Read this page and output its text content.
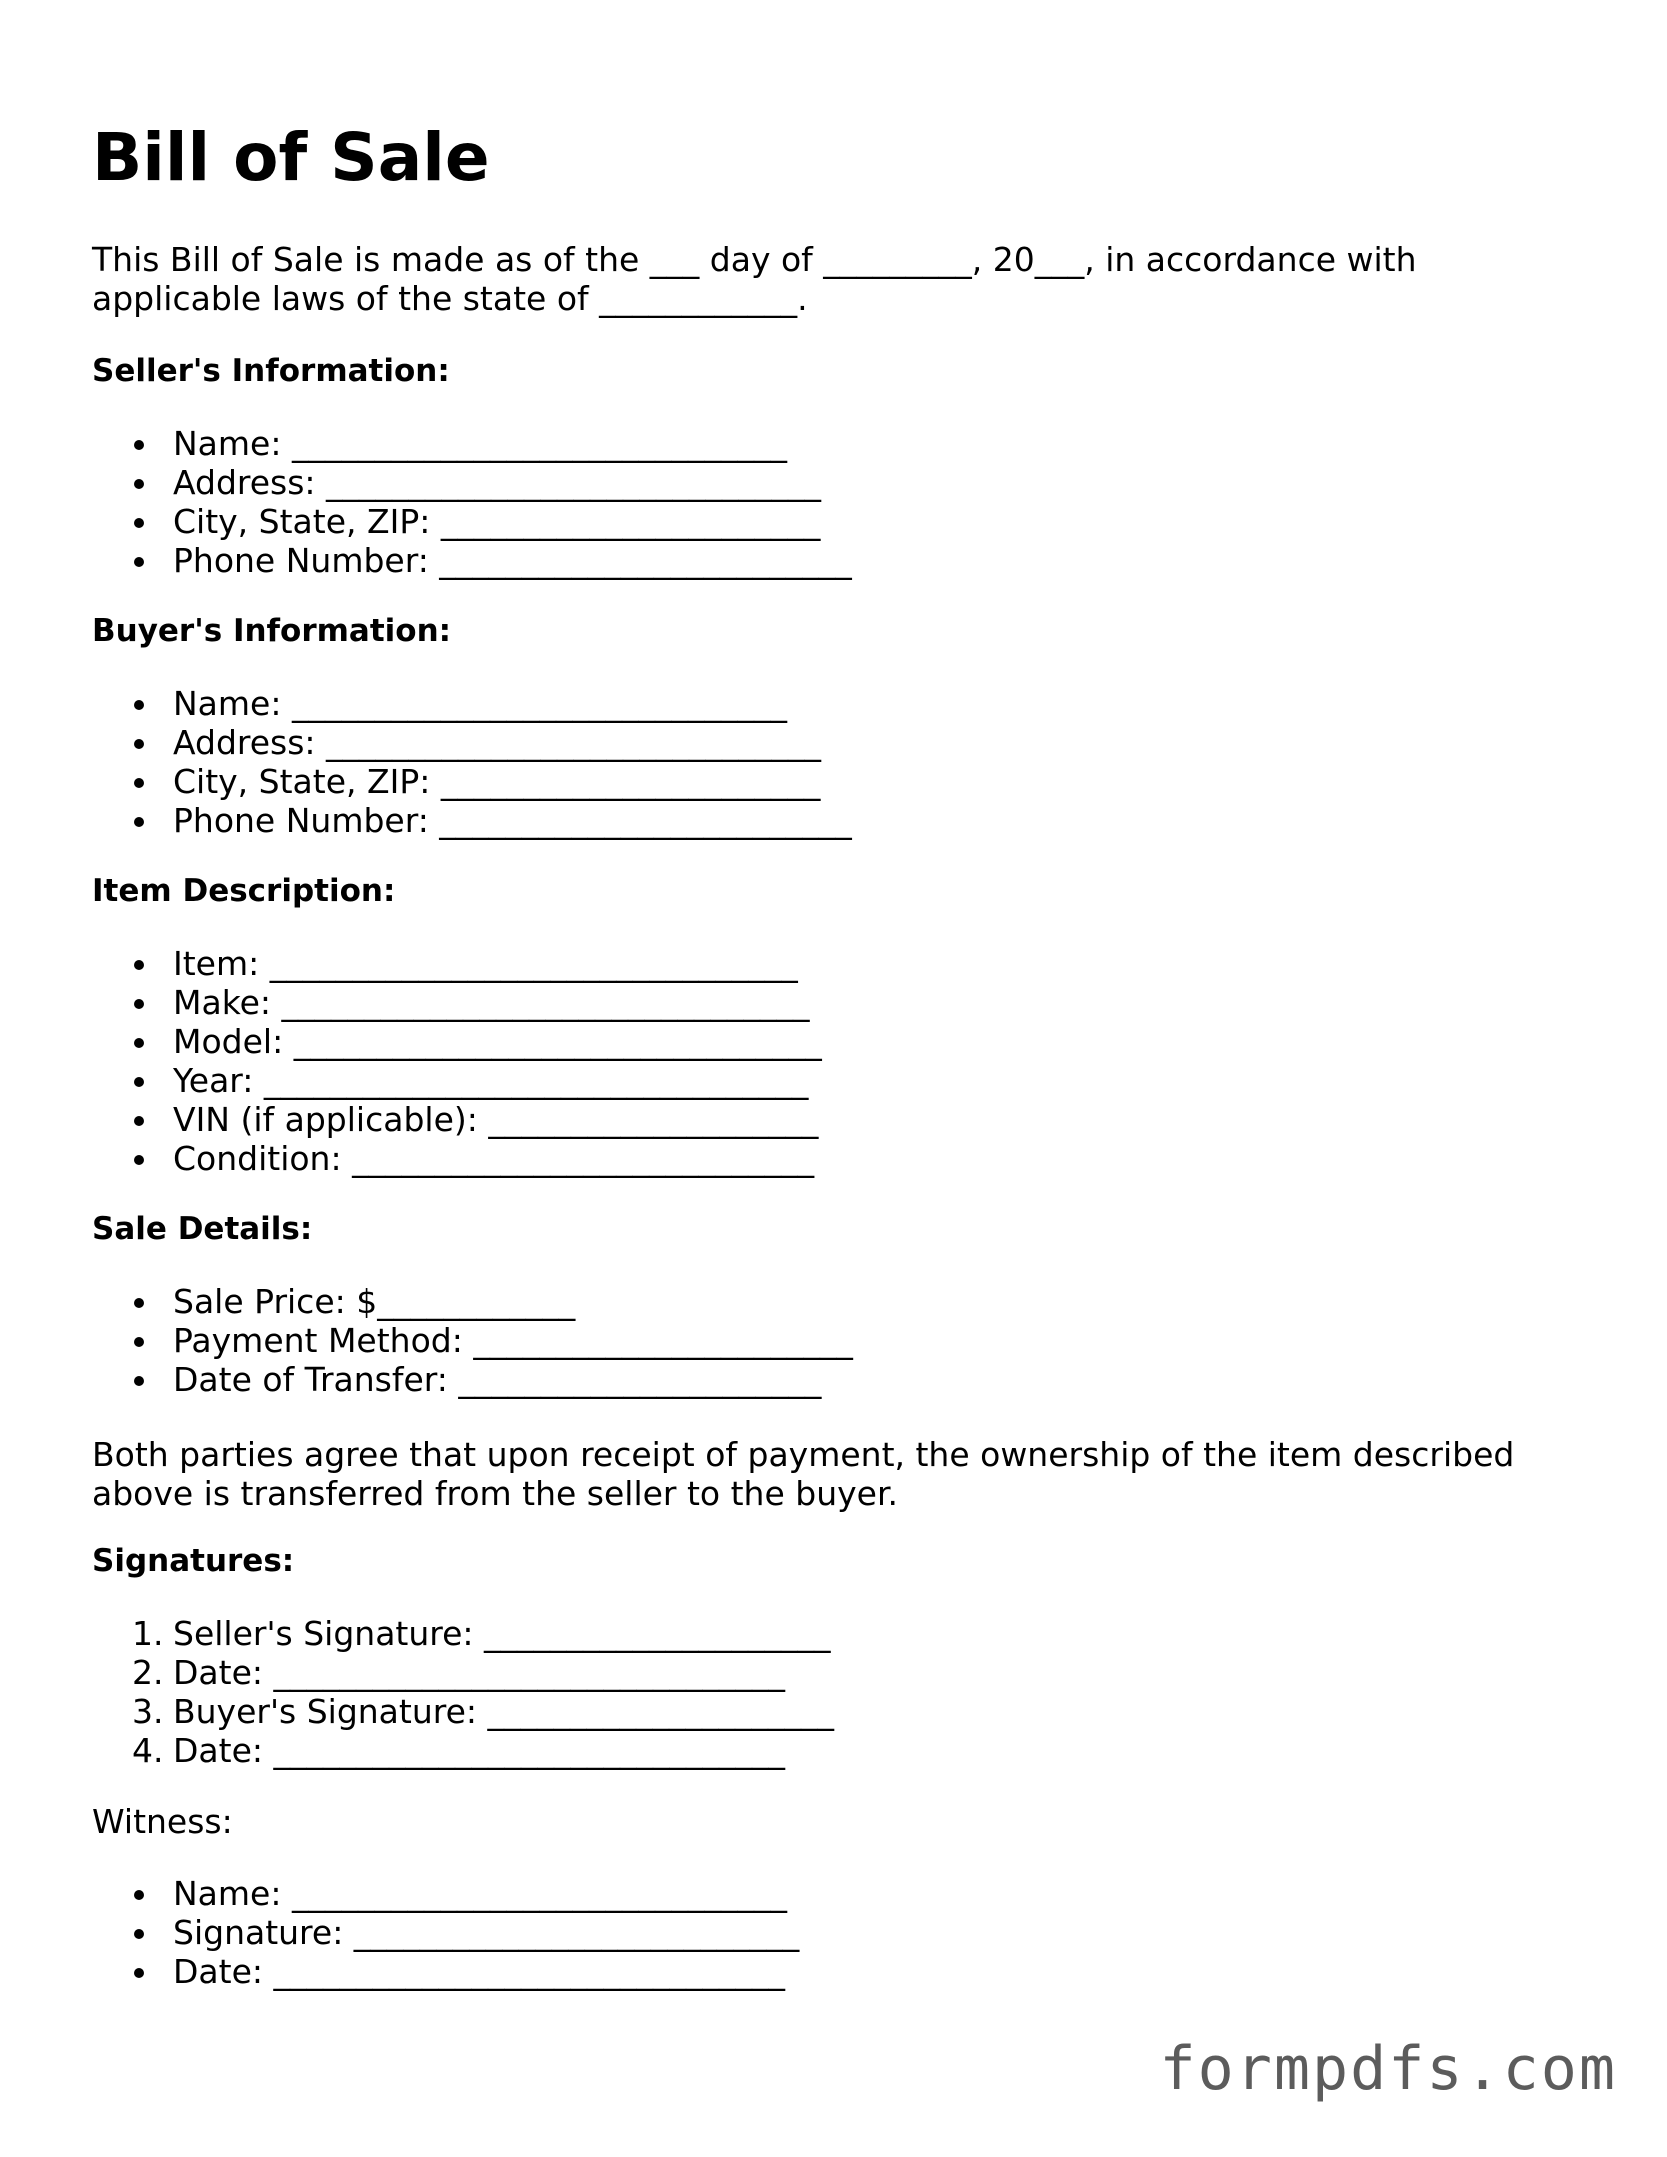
Bill of Sale

This Bill of Sale is made as of the ___ day of _________, 20___, in accordance with
applicable laws of the state of ____________.

Seller's Information:

Name: ______________________________
Address: ______________________________
City, State, ZIP: _______________________
Phone Number: _________________________

Buyer's Information:

Name: ______________________________
Address: ______________________________
City, State, ZIP: _______________________
Phone Number: _________________________

Item Description:

Item: ________________________________
Make: ________________________________
Model: ________________________________
Year: _________________________________
VIN (if applicable): ____________________
Condition: ____________________________

Sale Details:

Sale Price: $____________
Payment Method: _______________________
Date of Transfer: ______________________

Both parties agree that upon receipt of payment, the ownership of the item described
above is transferred from the seller to the buyer.

Signatures:

1. Seller's Signature: _____________________
2. Date: _______________________________
3. Buyer's Signature: _____________________
4. Date: _______________________________

Witness:

Name: ______________________________
Signature: ___________________________
Date: _______________________________
formpdfs.com
